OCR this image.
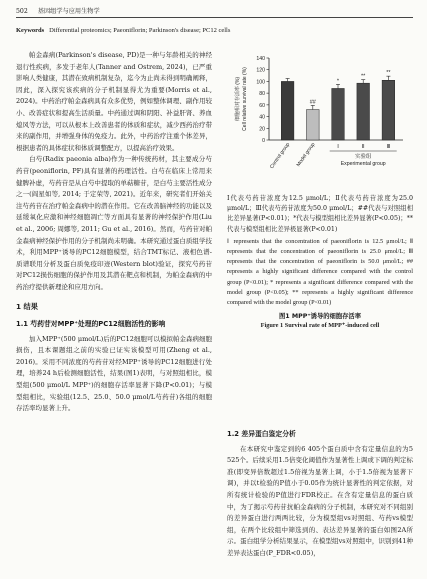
502 基因组学与应用生物学
Keywords Differential proteomics; Paeoniflorin; Parkinson's disease; PC12 cells

帕金森病(Parkinson's disease, PD)是一种与年龄相关的神经退行性疾病，多发于老年人(Tanner and Ostrem, 2024)，已严重影响人类健康，其潜在致病机制复杂，迄今为止尚未得到明确阐释，因此，深入探究该疾病的分子机制显得尤为重要(Morris et al., 2024)。中药治疗帕金森病具有众多优势，例如整体调理、副作用较小、改善症状和提高生活质量。中药通过调和阴阳、补益肝肾、养血熄风等方法，可以从根本上改善患者的体质和症状，减少西药治疗带来的副作用，并增强身体的免疫力。此外，中药治疗注重个体差异，根据患者的具体症状和体质调整配方，以提高治疗效果。

白芍(Radix paeonia alba)作为一种传统药材，其主要成分芍药苷(peoniflorin, PF)具有显著的药理活性。白芍在临床上常用来健脾补虚，芍药苷是从白芍中提取的单萜糖苷，是白芍主要活性成分之一(阎星如等, 2014; 于定荣等, 2021)。近年来，研究者们开始关注芍药苷在治疗帕金森病中的潜在作用。它在改善脑神经的功能以及延缓氧化应激和神经细胞凋亡等方面具有显著的神经保护作用(Liu et al., 2006; 周娜等, 2011; Gu et al., 2016)。然而，芍药苷对帕金森病神经保护作用的分子机制尚未明确。本研究通过蛋白质组学技术，利用MPP⁺诱导的PC12细胞模型，结合TMT标记、液相色谱-质谱联用分析及蛋白质免疫印迹(Western blot)验证，探究芍药苷对PC12损伤细胞的保护作用及其潜在靶点和机制，为帕金森病的中药治疗提供新理论和应用方向。

1 结果
1.1 芍药苷对MPP⁺处理的PC12细胞活性的影响

加入MPP⁺(500 μmol/L)后的PC12细胞可以模拟帕金森病细胞损伤，且本课题组之前的实验已证实该模型可用(Zheng et al., 2016)。采用不同浓度的芍药苷对经MPP⁺诱导的PC12细胞进行处理，培养24 h后检测细胞活性，结果(图1)表明，与对照组相比，模型组(500 μmol/L MPP⁺)的细胞存活率显著下降(P<0.01)；与模型组相比，实验组(12.5、25.0、50.0 μmol/L芍药苷)各组的细胞存活率均显著上升。

0
20
40
60
80
100
120
140
细胞相对存活率 (%) Cell relative survival rate (%)
Control group
##
Model group
*
Ⅰ
**
Ⅱ
**
Ⅲ
实验组
Experimental group
Ⅰ代表芍药苷浓度为12.5 μmol/L；Ⅱ代表芍药苷浓度为25.0 μmol/L；Ⅲ代表芍药苷浓度为50.0 μmol/L；##代表与对照组相比差异显著(P<0.01)；*代表与模型组相比差异显著(P<0.05)；**代表与模型组相比差异极显著(P<0.01)
Ⅰ represents that the concentration of paeoniflorin is 12.5 μmol/L; Ⅱ represents that the concentration of paeoniflorin is 25.0 μmol/L; Ⅲ represents that the concentration of paeoniflorin is 50.0 μmol/L; ## represents a highly significant difference compared with the control group (P<0.01); * represents a significant difference compared with the model group (P<0.05); ** represents a highly significant difference compared with the model group (P<0.01)
图1 MPP⁺诱导的细胞存活率
Figure 1 Survival rate of MPP⁺-induced cell
1.2 差异蛋白鉴定分析

在本研究中鉴定到的6 405个蛋白质中含有定量信息的为5 525个。后续采用1.5倍变化阈值作为显著性上调或下调的判定标准(即变异倍数超过1.5倍视为显著上调，小于1.5倍视为显著下调)，并以t检验的P值小于0.05作为统计显著性的判定依据，对所有统计检验的P值进行FDR校正。在含有定量信息的蛋白质中，为了揭示芍药苷抗帕金森病的分子机制，本研究对不同组别的差异蛋白进行两两比较，分为模型组vs对照组、芍药vs模型组，在两个比较组中筛选到的、表达差异显著的蛋白如图2A所示。蛋白组学分析结果显示，在模型组vs对照组中，识别到41种差异表达蛋白(P_FDR<0.05)，
